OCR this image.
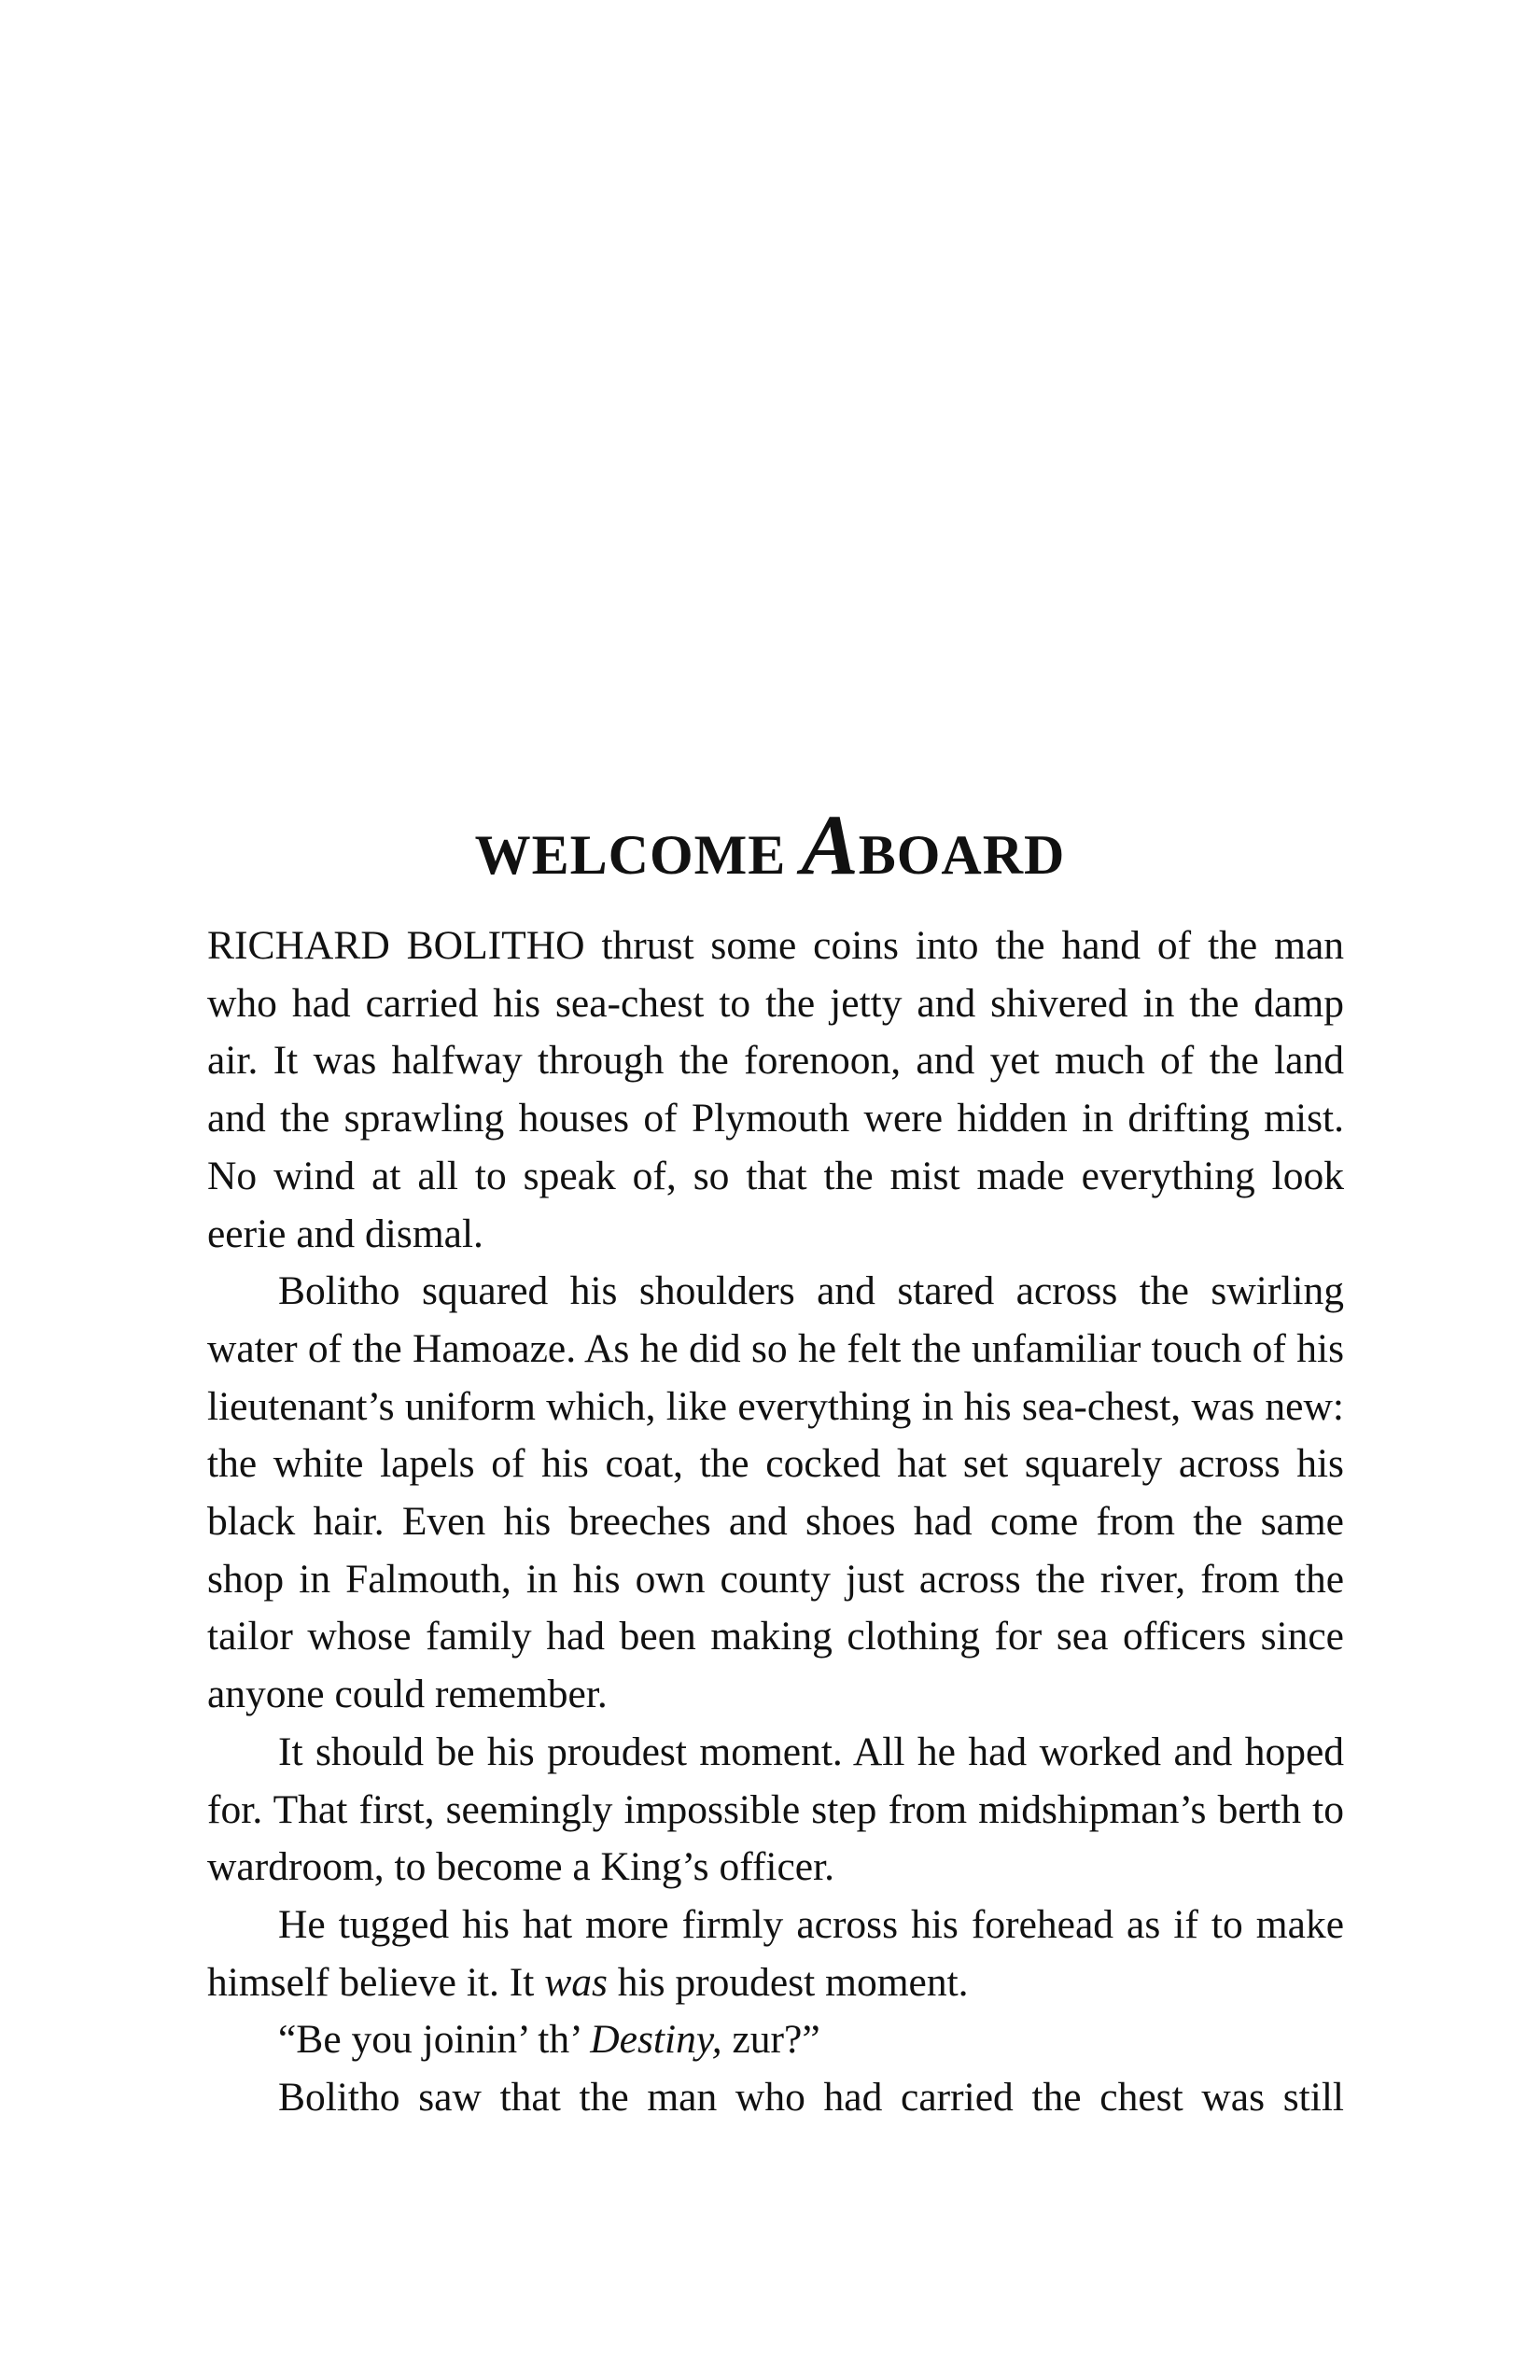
WELCOME ABOARD

RICHARD BOLITHO thrust some coins into the hand of the man who had carried his sea-chest to the jetty and shivered in the damp air. It was halfway through the forenoon, and yet much of the land and the sprawling houses of Plymouth were hidden in drifting mist. No wind at all to speak of, so that the mist made everything look eerie and dismal.

Bolitho squared his shoulders and stared across the swirling water of the Hamoaze. As he did so he felt the unfamiliar touch of his lieutenant’s uniform which, like everything in his sea-chest, was new: the white lapels of his coat, the cocked hat set squarely across his black hair. Even his breeches and shoes had come from the same shop in Falmouth, in his own county just across the river, from the tailor whose family had been making clothing for sea officers since anyone could remember.

It should be his proudest moment. All he had worked and hoped for. That first, seemingly impossible step from midshipman’s berth to wardroom, to become a King’s officer.

He tugged his hat more firmly across his forehead as if to make himself believe it. It was his proudest moment.

“Be you joinin’ th’ Destiny, zur?”

Bolitho saw that the man who had carried the chest was still
